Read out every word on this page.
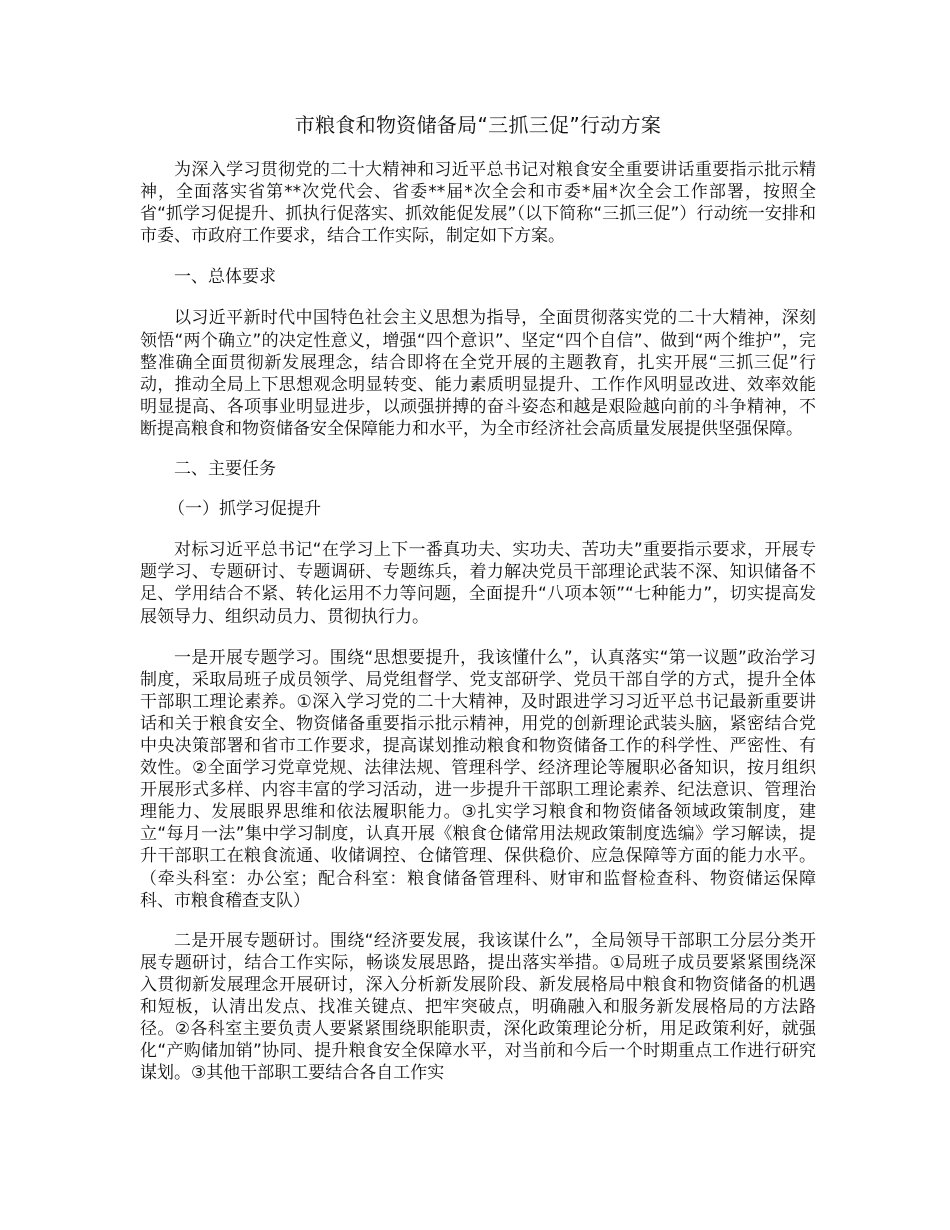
市粮食和物资储备局“三抓三促”行动方案

为深入学习贯彻党的二十大精神和习近平总书记对粮食安全重要讲话重要指示批示精神，全面落实省第**次党代会、省委**届*次全会和市委*届*次全会工作部署，按照全省“抓学习促提升、抓执行促落实、抓效能促发展”（以下简称“三抓三促”）行动统一安排和市委、市政府工作要求，结合工作实际，制定如下方案。

一、总体要求

以习近平新时代中国特色社会主义思想为指导，全面贯彻落实党的二十大精神，深刻领悟“两个确立”的决定性意义，增强“四个意识”、坚定“四个自信”、做到“两个维护”，完整准确全面贯彻新发展理念，结合即将在全党开展的主题教育，扎实开展“三抓三促”行动，推动全局上下思想观念明显转变、能力素质明显提升、工作作风明显改进、效率效能明显提高、各项事业明显进步，以顽强拼搏的奋斗姿态和越是艰险越向前的斗争精神，不断提高粮食和物资储备安全保障能力和水平，为全市经济社会高质量发展提供坚强保障。

二、主要任务

（一）抓学习促提升

对标习近平总书记“在学习上下一番真功夫、实功夫、苦功夫”重要指示要求，开展专题学习、专题研讨、专题调研、专题练兵，着力解决党员干部理论武装不深、知识储备不足、学用结合不紧、转化运用不力等问题，全面提升“八项本领”“七种能力”，切实提高发展领导力、组织动员力、贯彻执行力。

一是开展专题学习。围绕“思想要提升，我该懂什么”，认真落实“第一议题”政治学习制度，采取局班子成员领学、局党组督学、党支部研学、党员干部自学的方式，提升全体干部职工理论素养。①深入学习党的二十大精神，及时跟进学习习近平总书记最新重要讲话和关于粮食安全、物资储备重要指示批示精神，用党的创新理论武装头脑，紧密结合党中央决策部署和省市工作要求，提高谋划推动粮食和物资储备工作的科学性、严密性、有效性。②全面学习党章党规、法律法规、管理科学、经济理论等履职必备知识，按月组织开展形式多样、内容丰富的学习活动，进一步提升干部职工理论素养、纪法意识、管理治理能力、发展眼界思维和依法履职能力。③扎实学习粮食和物资储备领域政策制度，建立“每月一法”集中学习制度，认真开展《粮食仓储常用法规政策制度选编》学习解读，提升干部职工在粮食流通、收储调控、仓储管理、保供稳价、应急保障等方面的能力水平。（牵头科室：办公室；配合科室：粮食储备管理科、财审和监督检查科、物资储运保障科、市粮食稽查支队）

二是开展专题研讨。围绕“经济要发展，我该谋什么”，全局领导干部职工分层分类开展专题研讨，结合工作实际，畅谈发展思路，提出落实举措。①局班子成员要紧紧围绕深入贯彻新发展理念开展研讨，深入分析新发展阶段、新发展格局中粮食和物资储备的机遇和短板，认清出发点、找准关键点、把牢突破点，明确融入和服务新发展格局的方法路径。②各科室主要负责人要紧紧围绕职能职责，深化政策理论分析，用足政策利好，就强化“产购储加销”协同、提升粮食安全保障水平，对当前和今后一个时期重点工作进行研究谋划。③其他干部职工要结合各自工作实
